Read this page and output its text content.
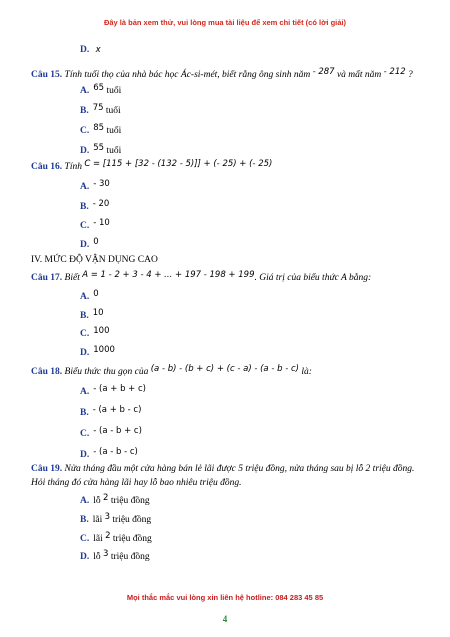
Đây là bản xem thử, vui lòng mua tài liệu để xem chi tiết (có lời giải)
D. x
Câu 15. Tính tuổi thọ của nhà bác học Ác-si-mét, biết rằng ông sinh năm - 287 và mất năm - 212 ?
A. 65 tuổi
B. 75 tuổi
C. 85 tuổi
D. 55 tuổi
Câu 16. Tính C = [115 + [32 - (132 - 5)]] + (- 25) + (- 25)
A. - 30
B. - 20
C. - 10
D. 0
IV. MỨC ĐỘ VẬN DỤNG CAO
Câu 17. Biết A = 1 - 2 + 3 - 4 + ... + 197 - 198 + 199. Giá trị của biểu thức A bằng:
A. 0
B. 10
C. 100
D. 1000
Câu 18. Biểu thức thu gọn của (a - b) - (b + c) + (c - a) - (a - b - c) là:
A. - (a + b + c)
B. - (a + b - c)
C. - (a - b + c)
D. - (a - b - c)
Câu 19. Nửa tháng đầu một cửa hàng bán lẻ lãi được 5 triệu đồng, nửa tháng sau bị lỗ 2 triệu đồng. Hỏi tháng đó cửa hàng lãi hay lỗ bao nhiêu triệu đồng.
A. lỗ 2 triệu đồng
B. lãi 3 triệu đồng
C. lãi 2 triệu đồng
D. lỗ 3 triệu đồng
Mọi thắc mắc vui lòng xin liên hệ hotline: 084 283 45 85
4
